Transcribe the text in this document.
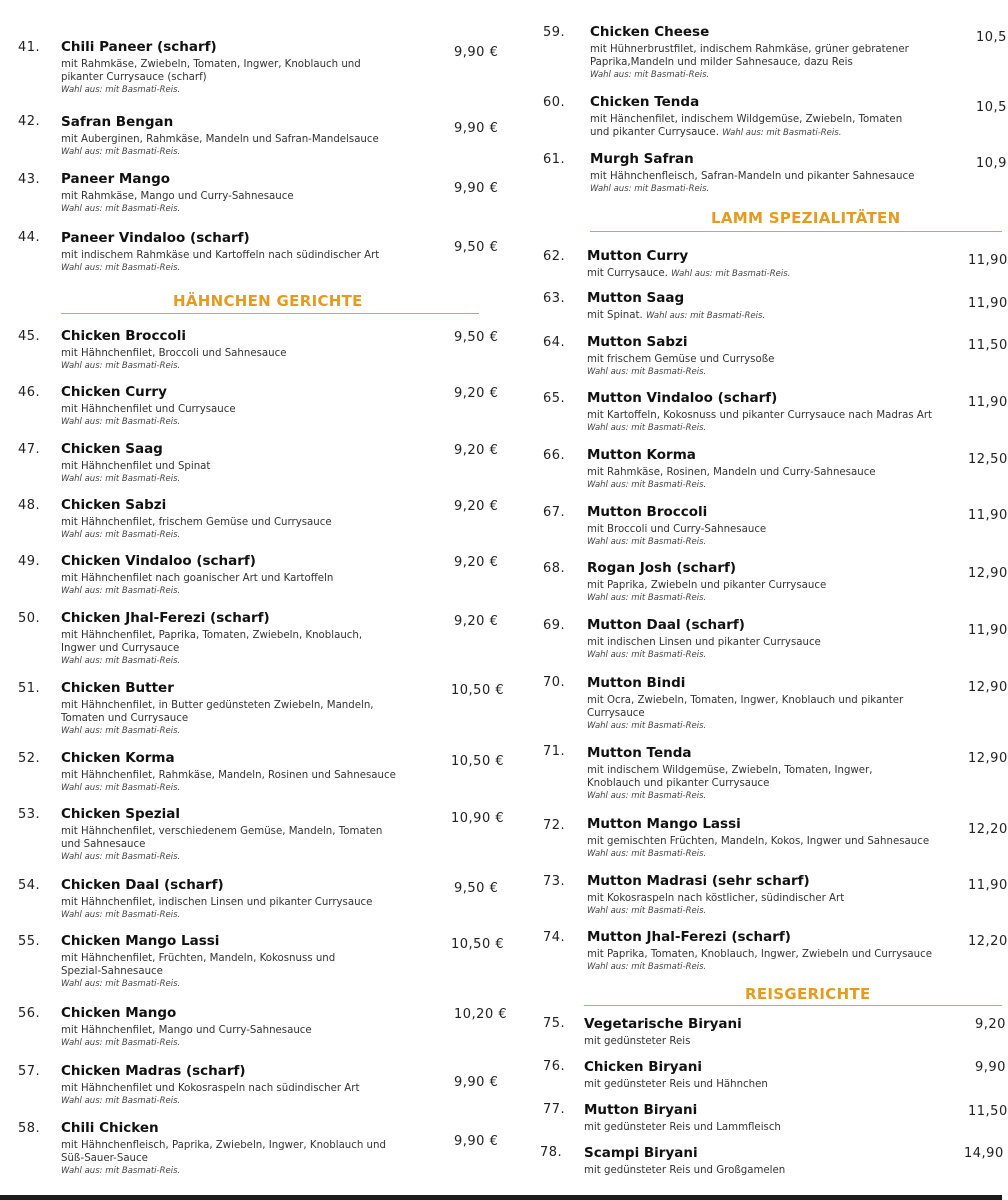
41. Chili Paneer (scharf)
mit Rahmkäse, Zwiebeln, Tomaten, Ingwer, Knoblauch und pikanter Currysauce (scharf)
Wahl aus: mit Basmati-Reis.
9,90 €
42. Safran Bengan
mit Auberginen, Rahmkäse, Mandeln und Safran-Mandelsauce
Wahl aus: mit Basmati-Reis.
9,90 €
43. Paneer Mango
mit Rahmkäse, Mango und Curry-Sahnesauce
Wahl aus: mit Basmati-Reis.
9,90 €
44. Paneer Vindaloo (scharf)
mit indischem Rahmkäse und Kartoffeln nach südindischer Art
Wahl aus: mit Basmati-Reis.
9,50 €
HÄHNCHEN GERICHTE
45. Chicken Broccoli
mit Hähnchenfilet, Broccoli und Sahnesauce
Wahl aus: mit Basmati-Reis.
9,50 €
46. Chicken Curry
mit Hähnchenfilet und Currysauce
Wahl aus: mit Basmati-Reis.
9,20 €
47. Chicken Saag
mit Hähnchenfilet und Spinat
Wahl aus: mit Basmati-Reis.
9,20 €
48. Chicken Sabzi
mit Hähnchenfilet, frischem Gemüse und Currysauce
Wahl aus: mit Basmati-Reis.
9,20 €
49. Chicken Vindaloo (scharf)
mit Hähnchenfilet nach goanischer Art und Kartoffeln
Wahl aus: mit Basmati-Reis.
9,20 €
50. Chicken Jhal-Ferezi (scharf)
mit Hähnchenfilet, Paprika, Tomaten, Zwiebeln, Knoblauch, Ingwer und Currysauce
Wahl aus: mit Basmati-Reis.
9,20 €
51. Chicken Butter
mit Hähnchenfilet, in Butter gedünsteten Zwiebeln, Mandeln, Tomaten und Currysauce
Wahl aus: mit Basmati-Reis.
10,50 €
52. Chicken Korma
mit Hähnchenfilet, Rahmkäse, Mandeln, Rosinen und Sahnesauce
Wahl aus: mit Basmati-Reis.
10,50 €
53. Chicken Spezial
mit Hähnchenfilet, verschiedenem Gemüse, Mandeln, Tomaten und Sahnesauce
Wahl aus: mit Basmati-Reis.
10,90 €
54. Chicken Daal (scharf)
mit Hähnchenfilet, indischen Linsen und pikanter Currysauce
Wahl aus: mit Basmati-Reis.
9,50 €
55. Chicken Mango Lassi
mit Hähnchenfilet, Früchten, Mandeln, Kokosnuss und Spezial-Sahnesauce
Wahl aus: mit Basmati-Reis.
10,50 €
56. Chicken Mango
mit Hähnchenfilet, Mango und Curry-Sahnesauce
Wahl aus: mit Basmati-Reis.
10,20 €
57. Chicken Madras (scharf)
mit Hähnchenfilet und Kokosraspeln nach südindischer Art
Wahl aus: mit Basmati-Reis.
9,90 €
58. Chili Chicken
mit Hähnchenfleisch, Paprika, Zwiebeln, Ingwer, Knoblauch und Süß-Sauer-Sauce
Wahl aus: mit Basmati-Reis.
9,90 €
59. Chicken Cheese
mit Hühnerbrustfilet, indischem Rahmkäse, grüner gebratener Paprika,Mandeln und milder Sahnesauce, dazu Reis
Wahl aus: mit Basmati-Reis.
10,5
60. Chicken Tenda
mit Hänchenfilet, indischem Wildgemüse, Zwiebeln, Tomaten und pikanter Currysauce. Wahl aus: mit Basmati-Reis.
10,5
61. Murgh Safran
mit Hähnchenfleisch, Safran-Mandeln und pikanter Sahnesauce
Wahl aus: mit Basmati-Reis.
10,9
LAMM SPEZIALITÄTEN
62. Mutton Curry
mit Currysauce. Wahl aus: mit Basmati-Reis.
11,90
63. Mutton Saag
mit Spinat. Wahl aus: mit Basmati-Reis.
11,90
64. Mutton Sabzi
mit frischem Gemüse und Currysoße
Wahl aus: mit Basmati-Reis.
11,50
65. Mutton Vindaloo (scharf)
mit Kartoffeln, Kokosnuss und pikanter Currysauce nach Madras Art
Wahl aus: mit Basmati-Reis.
11,90
66. Mutton Korma
mit Rahmkäse, Rosinen, Mandeln und Curry-Sahnesauce
Wahl aus: mit Basmati-Reis.
12,50
67. Mutton Broccoli
mit Broccoli und Curry-Sahnesauce
Wahl aus: mit Basmati-Reis.
11,90
68. Rogan Josh (scharf)
mit Paprika, Zwiebeln und pikanter Currysauce
Wahl aus: mit Basmati-Reis.
12,90
69. Mutton Daal (scharf)
mit indischen Linsen und pikanter Currysauce
Wahl aus: mit Basmati-Reis.
11,90
70. Mutton Bindi
mit Ocra, Zwiebeln, Tomaten, Ingwer, Knoblauch und pikanter Currysauce
Wahl aus: mit Basmati-Reis.
12,90
71. Mutton Tenda
mit indischem Wildgemüse, Zwiebeln, Tomaten, Ingwer, Knoblauch und pikanter Currysauce
Wahl aus: mit Basmati-Reis.
12,90
72. Mutton Mango Lassi
mit gemischten Früchten, Mandeln, Kokos, Ingwer und Sahnesauce
Wahl aus: mit Basmati-Reis.
12,20
73. Mutton Madrasi (sehr scharf)
mit Kokosraspeln nach köstlicher, südindischer Art
Wahl aus: mit Basmati-Reis.
11,90
74. Mutton Jhal-Ferezi (scharf)
mit Paprika, Tomaten, Knoblauch, Ingwer, Zwiebeln und Currysauce
Wahl aus: mit Basmati-Reis.
12,20
REISGERICHTE
75. Vegetarische Biryani
mit gedünsteter Reis
9,20
76. Chicken Biryani
mit gedünsteter Reis und Hähnchen
9,90
77. Mutton Biryani
mit gedünsteter Reis und Lammfleisch
11,50
78. Scampi Biryani
mit gedünsteter Reis und Großgamelen
14,90
